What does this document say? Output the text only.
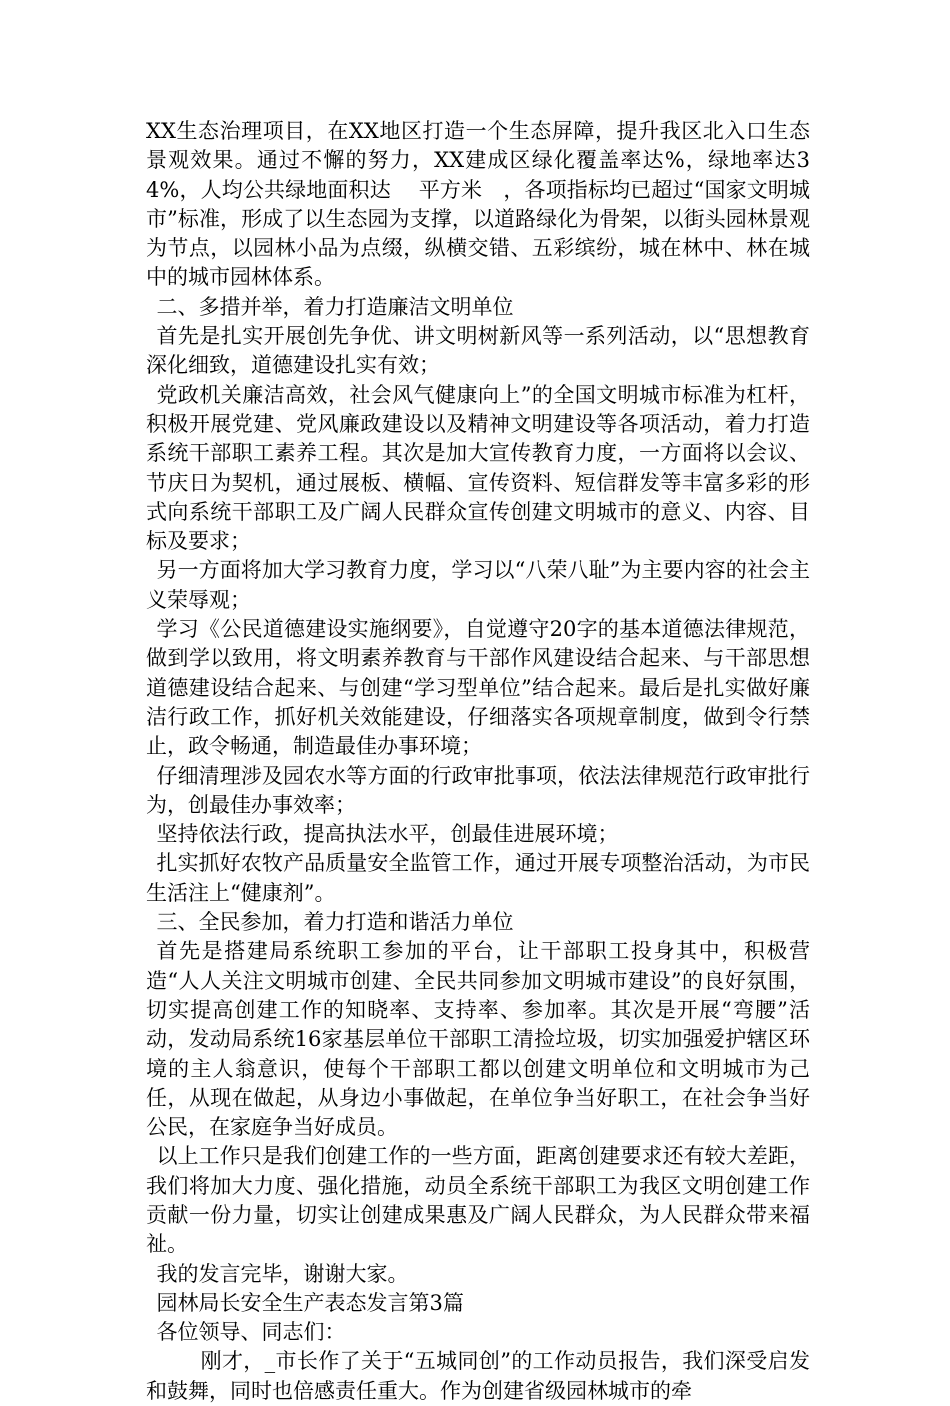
XX生态治理项目，在XX地区打造一个生态屏障，提升我区北入口生态景观效果。通过不懈的努力，XX建成区绿化覆盖率达%，绿地率达34%，人均公共绿地面积达　 平方米　，各项指标均已超过“国家文明城市”标准，形成了以生态园为支撑，以道路绿化为骨架，以街头园林景观为节点，以园林小品为点缀，纵横交错、五彩缤纷，城在林中、林在城中的城市园林体系。

二、多措并举，着力打造廉洁文明单位

首先是扎实开展创先争优、讲文明树新风等一系列活动，以“思想教育深化细致，道德建设扎实有效；

党政机关廉洁高效，社会风气健康向上”的全国文明城市标准为杠杆，积极开展党建、党风廉政建设以及精神文明建设等各项活动，着力打造系统干部职工素养工程。其次是加大宣传教育力度，一方面将以会议、节庆日为契机，通过展板、横幅、宣传资料、短信群发等丰富多彩的形式向系统干部职工及广阔人民群众宣传创建文明城市的意义、内容、目标及要求；

另一方面将加大学习教育力度，学习以“八荣八耻”为主要内容的社会主义荣辱观；

学习《公民道德建设实施纲要》，自觉遵守20字的基本道德法律规范，做到学以致用，将文明素养教育与干部作风建设结合起来、与干部思想道德建设结合起来、与创建“学习型单位”结合起来。最后是扎实做好廉洁行政工作，抓好机关效能建设，仔细落实各项规章制度，做到令行禁止，政令畅通，制造最佳办事环境；

仔细清理涉及园农水等方面的行政审批事项，依法法律规范行政审批行为，创最佳办事效率；

坚持依法行政，提高执法水平，创最佳进展环境；

扎实抓好农牧产品质量安全监管工作，通过开展专项整治活动，为市民生活注上“健康剂”。

三、全民参加，着力打造和谐活力单位

首先是搭建局系统职工参加的平台，让干部职工投身其中，积极营造“人人关注文明城市创建、全民共同参加文明城市建设”的良好氛围，切实提高创建工作的知晓率、支持率、参加率。其次是开展“弯腰”活动，发动局系统16家基层单位干部职工清捡垃圾，切实加强爱护辖区环境的主人翁意识，使每个干部职工都以创建文明单位和文明城市为己任，从现在做起，从身边小事做起，在单位争当好职工，在社会争当好公民，在家庭争当好成员。

以上工作只是我们创建工作的一些方面，距离创建要求还有较大差距，我们将加大力度、强化措施，动员全系统干部职工为我区文明创建工作贡献一份力量，切实让创建成果惠及广阔人民群众，为人民群众带来福祉。

我的发言完毕，谢谢大家。

园林局长安全生产表态发言第3篇

各位领导、同志们：

刚才，_市长作了关于“五城同创”的工作动员报告，我们深受启发和鼓舞，同时也倍感责任重大。作为创建省级园林城市的牵
